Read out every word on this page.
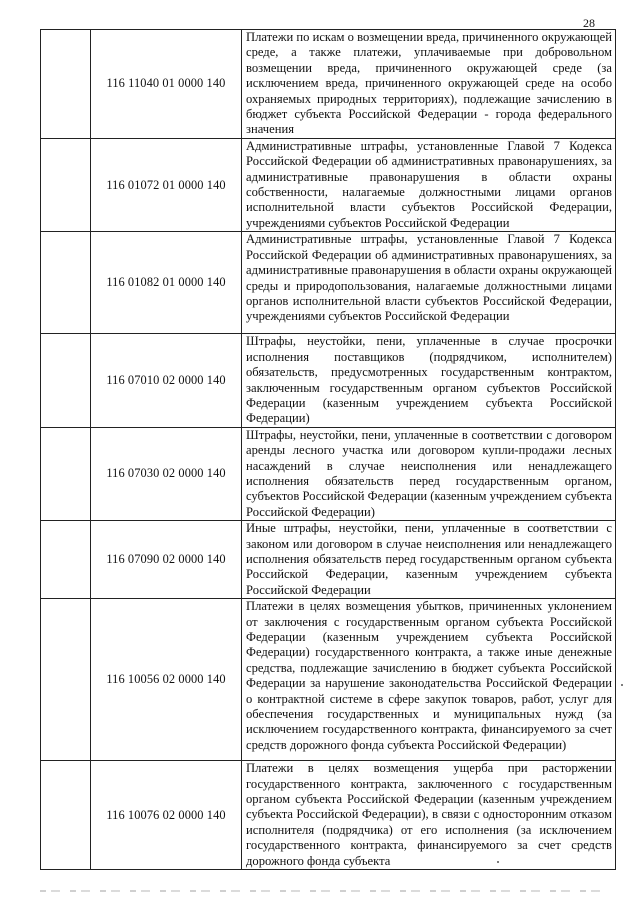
28
	116 11040 01 0000 140	Платежи по искам о возмещении вреда, причиненного окружающей среде, а также платежи, уплачиваемые при добровольном возмещении вреда, причиненного окружающей среде (за исключением вреда, причиненного окружающей среде на особо охраняемых природных территориях), подлежащие зачислению в бюджет субъекта Российской Федерации - города федерального значения
	116 01072 01 0000 140	Административные штрафы, установленные Главой 7 Кодекса Российской Федерации об административных правонарушениях, за административные правонарушения в области охраны собственности, налагаемые должностными лицами органов исполнительной власти субъектов Российской Федерации, учреждениями субъектов Российской Федерации
	116 01082 01 0000 140	Административные штрафы, установленные Главой 7 Кодекса Российской Федерации об административных правонарушениях, за административные правонарушения в области охраны окружающей среды и природопользования, налагаемые должностными лицами органов исполнительной власти субъектов Российской Федерации, учреждениями субъектов Российской Федерации
	116 07010 02 0000 140	Штрафы, неустойки, пени, уплаченные в случае просрочки исполнения поставщиков (подрядчиком, исполнителем) обязательств, предусмотренных государственным контрактом, заключенным государственным органом субъектов Российской Федерации (казенным учреждением субъекта Российской Федерации)
	116 07030 02 0000 140	Штрафы, неустойки, пени, уплаченные в соответствии с договором аренды лесного участка или договором купли-продажи лесных насаждений в случае неисполнения или ненадлежащего исполнения обязательств перед государственным органом, субъектов Российской Федерации (казенным учреждением субъекта Российской Федерации)
	116 07090 02 0000 140	Иные штрафы, неустойки, пени, уплаченные в соответствии с законом или договором в случае неисполнения или ненадлежащего исполнения обязательств перед государственным органом субъекта Российской Федерации, казенным учреждением субъекта Российской Федерации
	116 10056 02 0000 140	Платежи в целях возмещения убытков, причиненных уклонением от заключения с государственным органом субъекта Российской Федерации (казенным учреждением субъекта Российской Федерации) государственного контракта, а также иные денежные средства, подлежащие зачислению в бюджет субъекта Российской Федерации за нарушение законодательства Российской Федерации о контрактной системе в сфере закупок товаров, работ, услуг для обеспечения государственных и муниципальных нужд (за исключением государственного контракта, финансируемого за счет средств дорожного фонда субъекта Российской Федерации)
	116 10076 02 0000 140	Платежи в целях возмещения ущерба при расторжении государственного контракта, заключенного с государственным органом субъекта Российской Федерации (казенным учреждением субъекта Российской Федерации), в связи с односторонним отказом исполнителя (подрядчика) от его исполнения (за исключением государственного контракта, финансируемого за счет средств дорожного фонда субъекта
